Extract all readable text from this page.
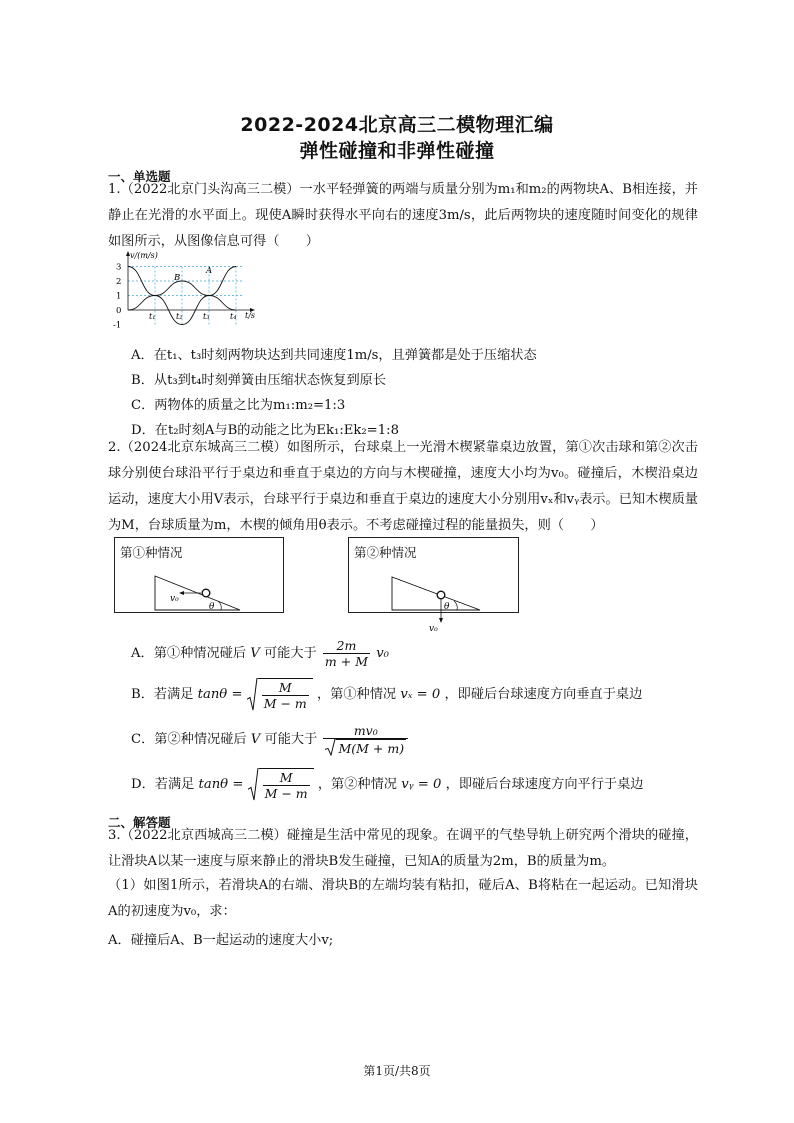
2022-2024北京高三二模物理汇编
弹性碰撞和非弹性碰撞
一、单选题
1.（2022北京门头沟高三二模）一水平轻弹簧的两端与质量分别为m₁和m₂的两物块A、B相连接，并静止在光滑的水平面上。现使A瞬时获得水平向右的速度3m/s，此后两物块的速度随时间变化的规律如图所示，从图像信息可得（　　）
3
2
1
0
-1
t₁	t₂	t₃	t₄
v/(m/s)
t/s
A
B
A．在t₁、t₃时刻两物块达到共同速度1m/s，且弹簧都是处于压缩状态
B．从t₃到t₄时刻弹簧由压缩状态恢复到原长
C．两物体的质量之比为m₁:m₂=1:3
D．在t₂时刻A与B的动能之比为Ek₁:Ek₂=1:8
2.（2024北京东城高三二模）如图所示，台球桌上一光滑木楔紧靠桌边放置，第①次击球和第②次击球分别使台球沿平行于桌边和垂直于桌边的方向与木楔碰撞，速度大小均为v₀。碰撞后，木楔沿桌边运动，速度大小用V表示，台球平行于桌边和垂直于桌边的速度大小分别用vₓ和vᵧ表示。已知木楔质量为M，台球质量为m，木楔的倾角用θ表示。不考虑碰撞过程的能量损失，则（　　）
第①种情况
v₀
θ
第②种情况
v₀
θ
A．第①种情况碰后 V 可能大于 $\frac{2m}{m + M} v_0$
B．若满足 $\tan\theta = \frac{M}{M - m}$ ，第①种情况 vₓ = 0 ，即碰后台球速度方向垂直于桌边
C．第②种情况碰后 V 可能大于 $\frac{\text{mv₀}}{M(M + m)}$
D．若满足 $\tan\theta = \frac{M}{M - m}$ ，第②种情况 vᵧ = 0 ，即碰后台球速度方向平行于桌边
二、解答题
3.（2022北京西城高三二模）碰撞是生活中常见的现象。在调平的气垫导轨上研究两个滑块的碰撞，让滑块A以某一速度与原来静止的滑块B发生碰撞，已知A的质量为2m，B的质量为m。
（1）如图1所示，若滑块A的右端、滑块B的左端均装有粘扣，碰后A、B将粘在一起运动。已知滑块A的初速度为v₀，求：
A．碰撞后A、B一起运动的速度大小v;
第1页/共8页
